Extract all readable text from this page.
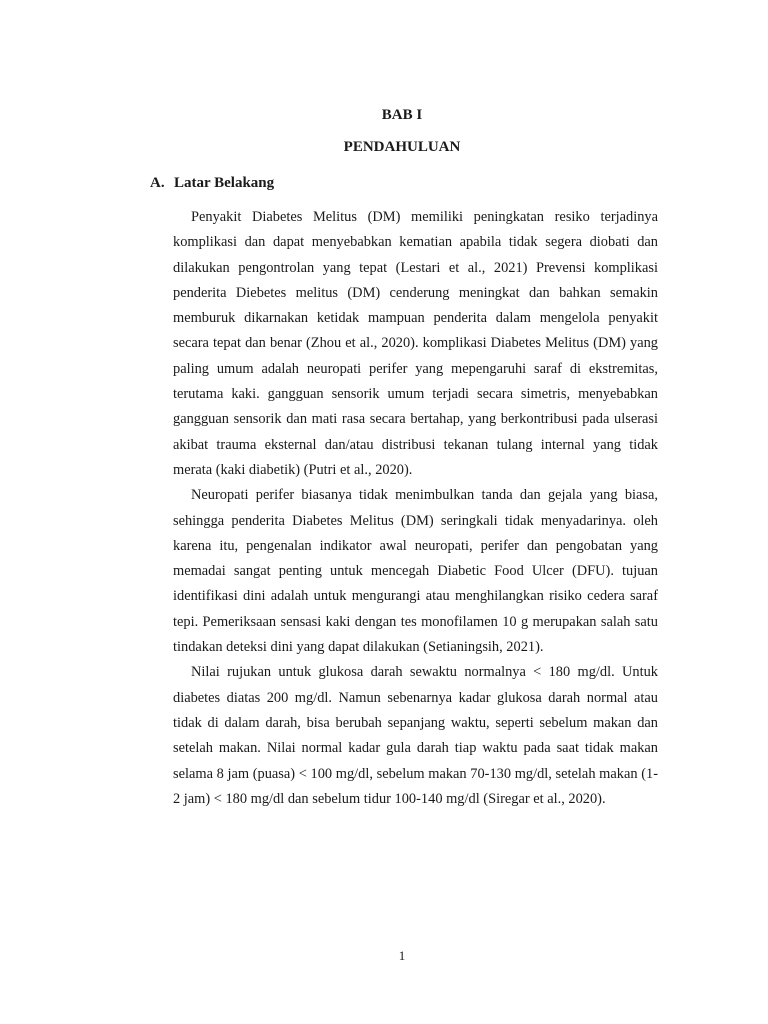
BAB I
PENDAHULUAN
A. Latar Belakang

Penyakit Diabetes Melitus (DM) memiliki peningkatan resiko terjadinya komplikasi dan dapat menyebabkan kematian apabila tidak segera diobati dan dilakukan pengontrolan yang tepat (Lestari et al., 2021) Prevensi komplikasi penderita Diebetes melitus (DM) cenderung meningkat dan bahkan semakin memburuk dikarnakan ketidak mampuan penderita dalam mengelola penyakit secara tepat dan benar (Zhou et al., 2020). komplikasi Diabetes Melitus (DM) yang paling umum adalah neuropati perifer yang mepengaruhi saraf di ekstremitas, terutama kaki. gangguan sensorik umum terjadi secara simetris, menyebabkan gangguan sensorik dan mati rasa secara bertahap, yang berkontribusi pada ulserasi akibat trauma eksternal dan/atau distribusi tekanan tulang internal yang tidak merata (kaki diabetik) (Putri et al., 2020).

Neuropati perifer biasanya tidak menimbulkan tanda dan gejala yang biasa, sehingga penderita Diabetes Melitus (DM) seringkali tidak menyadarinya. oleh karena itu, pengenalan indikator awal neuropati, perifer dan pengobatan yang memadai sangat penting untuk mencegah Diabetic Food Ulcer (DFU). tujuan identifikasi dini adalah untuk mengurangi atau menghilangkan risiko cedera saraf tepi. Pemeriksaan sensasi kaki dengan tes monofilamen 10 g merupakan salah satu tindakan deteksi dini yang dapat dilakukan (Setianingsih, 2021).

Nilai rujukan untuk glukosa darah sewaktu normalnya < 180 mg/dl. Untuk diabetes diatas 200 mg/dl. Namun sebenarnya kadar glukosa darah normal atau tidak di dalam darah, bisa berubah sepanjang waktu, seperti sebelum makan dan setelah makan. Nilai normal kadar gula darah tiap waktu pada saat tidak makan selama 8 jam (puasa) < 100 mg/dl, sebelum makan 70-130 mg/dl, setelah makan (1-2 jam) < 180 mg/dl dan sebelum tidur 100-140 mg/dl (Siregar et al., 2020).

1
